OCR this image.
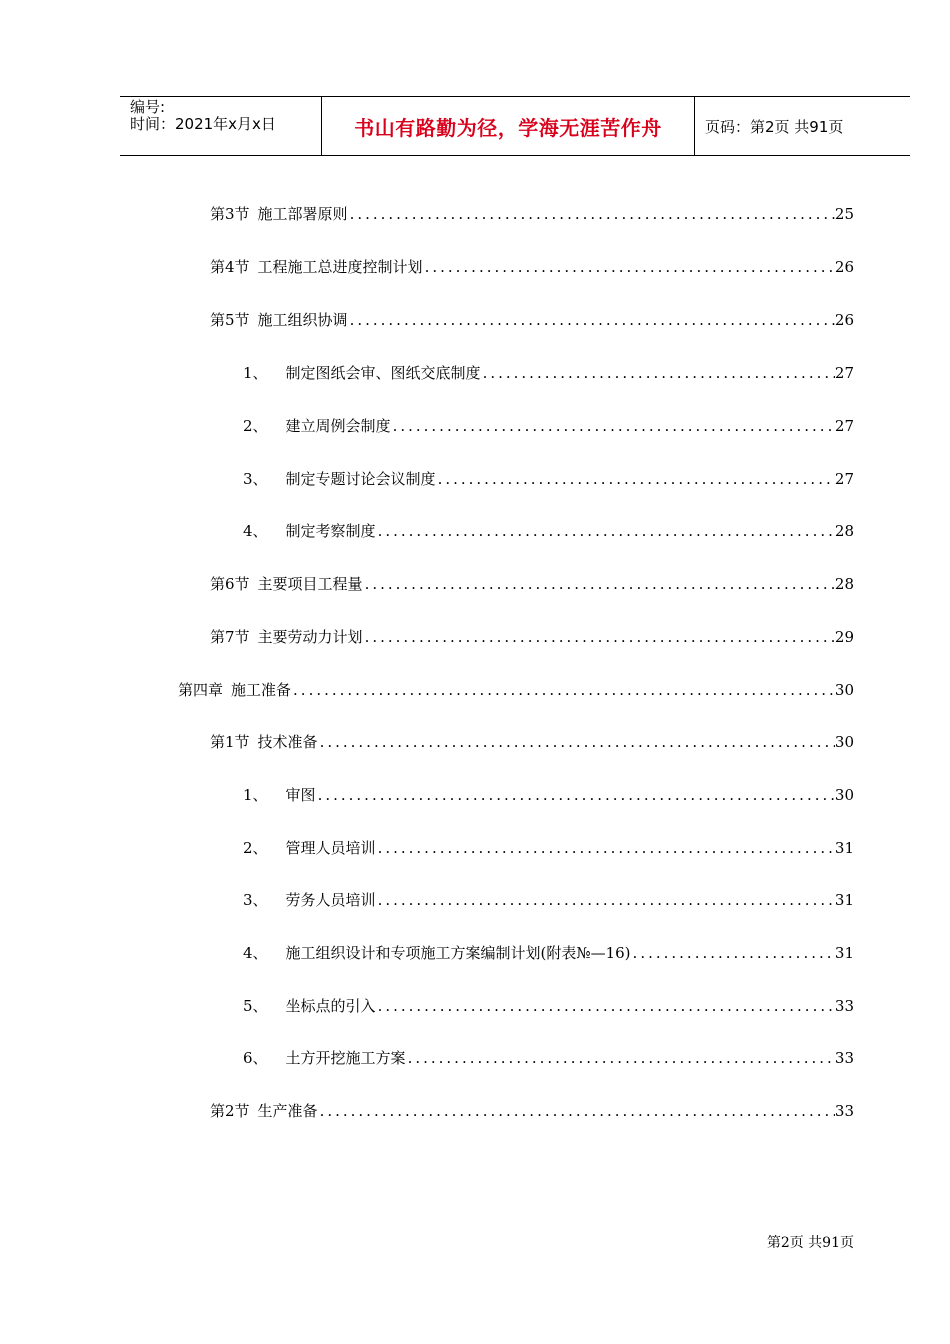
编号:
时间：2021年x月x日	书山有路勤为径，学海无涯苦作舟	页码：第2页 共91页
第3节 施工部署原则 .....	25
第4节 工程施工总进度控制计划 .....	26
第5节 施工组织协调 .....	26
1、	制定图纸会审、图纸交底制度 .....	27
2、	建立周例会制度 .....	27
3、	制定专题讨论会议制度 .....	27
4、	制定考察制度 .....	28
第6节 主要项目工程量 .....	28
第7节 主要劳动力计划 .....	29
第四章 施工准备 .....	30
第1节 技术准备 .....	30
1、	审图 .....	30
2、	管理人员培训 .....	31
3、	劳务人员培训 .....	31
4、	施工组织设计和专项施工方案编制计划(附表№—16) .....	31
5、	坐标点的引入 .....	33
6、	土方开挖施工方案 .....	33
第2节 生产准备 .....	33
第2页 共91页
